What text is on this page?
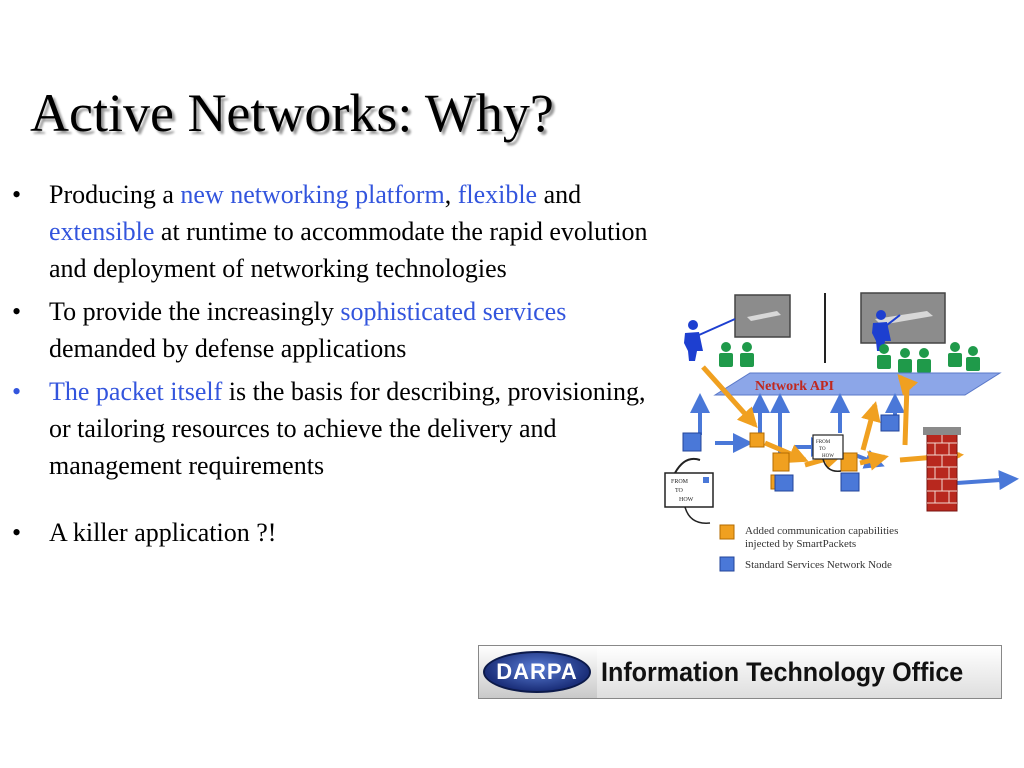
Active Networks: Why?
• Producing a new networking platform, flexible and extensible at runtime to accommodate the rapid evolution and deployment of networking technologies
• To provide the increasingly sophisticated services demanded by defense applications
• The packet itself is the basis for describing, provisioning, or tailoring resources to achieve the delivery and management requirements
• A killer application ?!
Network API
FROM
TO
HOW
FROM
TO
HOW
Added communication capabilities
injected by SmartPackets
Standard Services Network Node
DARPA Information Technology Office
